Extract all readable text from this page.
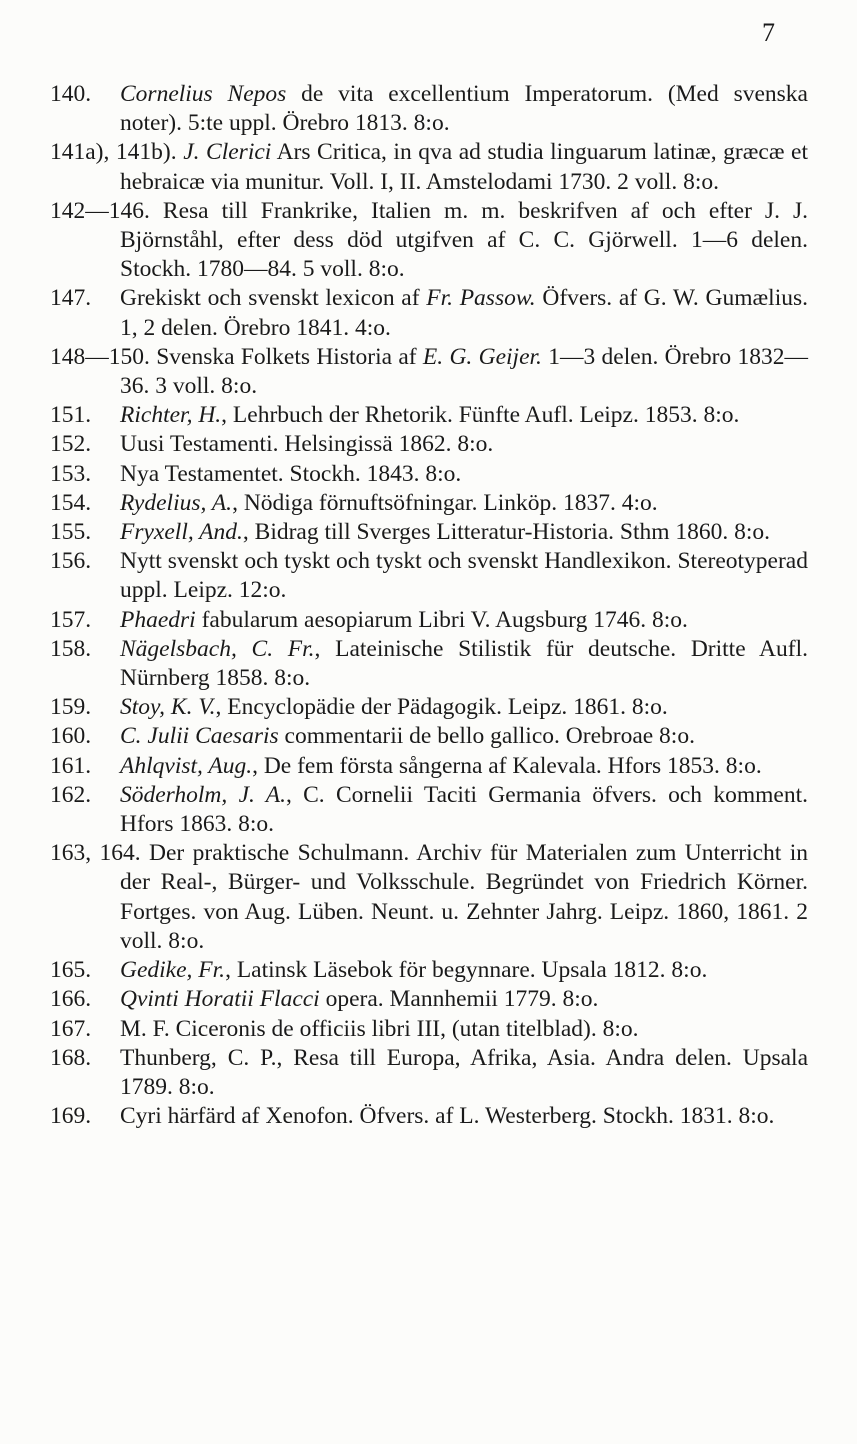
7
140. Cornelius Nepos de vita excellentium Imperatorum. (Med svenska noter). 5:te uppl. Örebro 1813. 8:o.
141a), 141b). J. Clerici Ars Critica, in qva ad studia linguarum latinæ, græcæ et hebraicæ via munitur. Voll. I, II. Amstelodami 1730. 2 voll. 8:o.
142—146. Resa till Frankrike, Italien m. m. beskrifven af och efter J. J. Björnståhl, efter dess död utgifven af C. C. Gjörwell. 1—6 delen. Stockh. 1780—84. 5 voll. 8:o.
147. Grekiskt och svenskt lexicon af Fr. Passow. Öfvers. af G. W. Gumælius. 1, 2 delen. Örebro 1841. 4:o.
148—150. Svenska Folkets Historia af E. G. Geijer. 1—3 delen. Örebro 1832—36. 3 voll. 8:o.
151. Richter, H., Lehrbuch der Rhetorik. Fünfte Aufl. Leipz. 1853. 8:o.
152. Uusi Testamenti. Helsingissä 1862. 8:o.
153. Nya Testamentet. Stockh. 1843. 8:o.
154. Rydelius, A., Nödiga förnuftsöfningar. Linköp. 1837. 4:o.
155. Fryxell, And., Bidrag till Sverges Litteratur-Historia. Sthm 1860. 8:o.
156. Nytt svenskt och tyskt och tyskt och svenskt Handlexikon. Stereotyperad uppl. Leipz. 12:o.
157. Phaedri fabularum aesopiarum Libri V. Augsburg 1746. 8:o.
158. Nägelsbach, C. Fr., Lateinische Stilistik für deutsche. Dritte Aufl. Nürnberg 1858. 8:o.
159. Stoy, K. V., Encyclopädie der Pädagogik. Leipz. 1861. 8:o.
160. C. Julii Caesaris commentarii de bello gallico. Orebroae 8:o.
161. Ahlqvist, Aug., De fem första sångerna af Kalevala. Hfors 1853. 8:o.
162. Söderholm, J. A., C. Cornelii Taciti Germania öfvers. och komment. Hfors 1863. 8:o.
163, 164. Der praktische Schulmann. Archiv für Materialen zum Unterricht in der Real-, Bürger- und Volksschule. Begründet von Friedrich Körner. Fortges. von Aug. Lüben. Neunt. u. Zehnter Jahrg. Leipz. 1860, 1861. 2 voll. 8:o.
165. Gedike, Fr., Latinsk Läsebok för begynnare. Upsala 1812. 8:o.
166. Qvinti Horatii Flacci opera. Mannhemii 1779. 8:o.
167. M. F. Ciceronis de officiis libri III, (utan titelblad). 8:o.
168. Thunberg, C. P., Resa till Europa, Afrika, Asia. Andra delen. Upsala 1789. 8:o.
169. Cyri härfärd af Xenofon. Öfvers. af L. Westerberg. Stockh. 1831. 8:o.
